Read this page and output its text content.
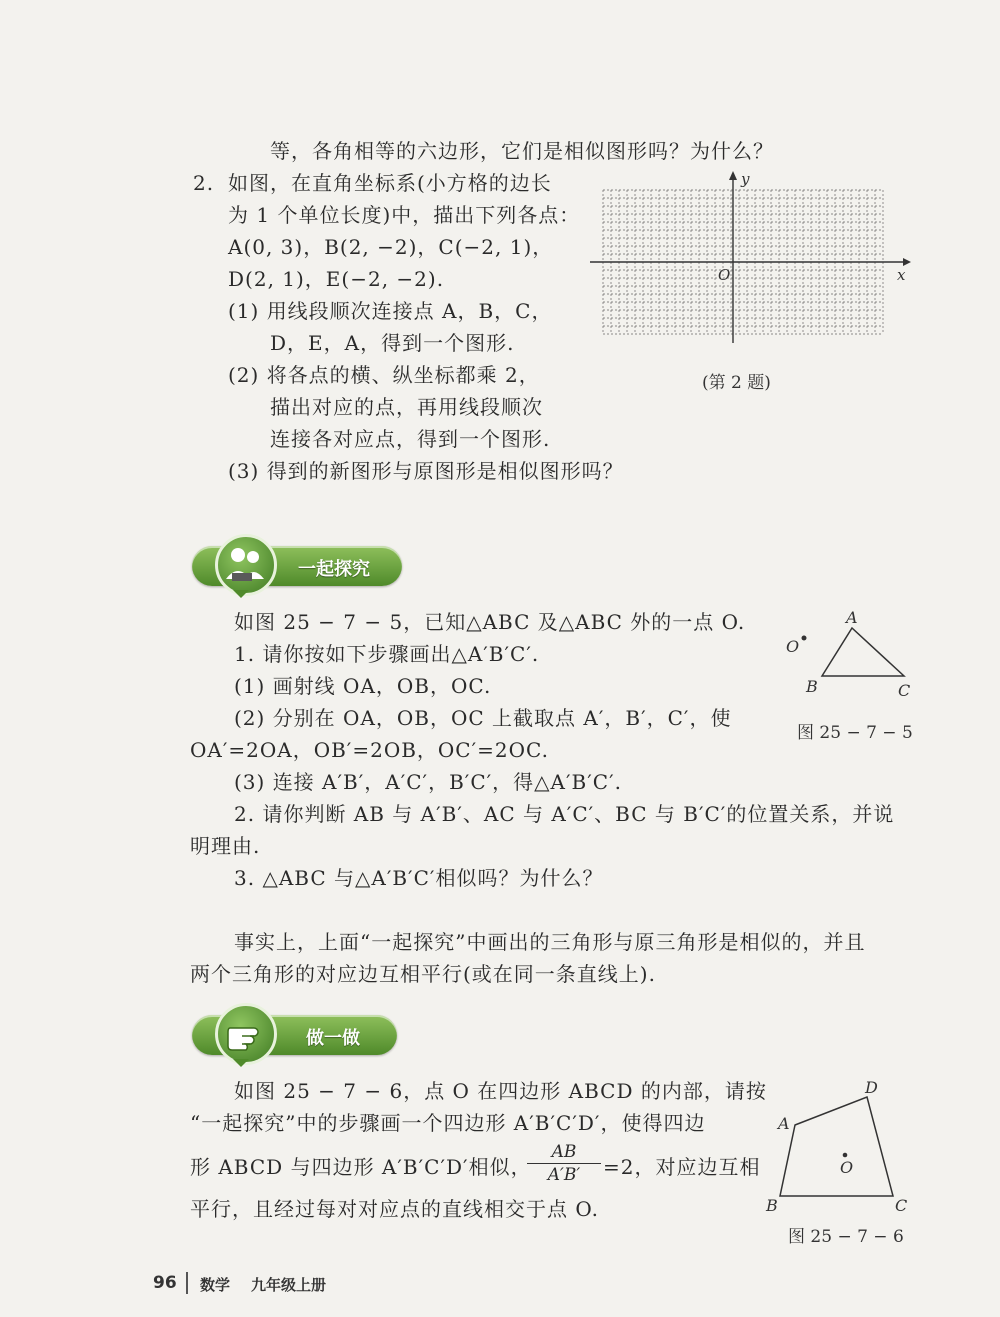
等，各角相等的六边形，它们是相似图形吗？为什么？
2. 如图，在直角坐标系(小方格的边长
为 1 个单位长度)中，描出下列各点：
A(0, 3)，B(2, −2)，C(−2, 1)，
D(2, 1)，E(−2, −2).
(1) 用线段顺次连接点 A，B，C，
D，E，A，得到一个图形.
(2) 将各点的横、纵坐标都乘 2，
描出对应的点，再用线段顺次
连接各对应点，得到一个图形.
(3) 得到的新图形与原图形是相似图形吗？
x
y
O
(第 2 题)
一起探究
如图 25 − 7 − 5，已知△ABC 及△ABC 外的一点 O.
1. 请你按如下步骤画出△A′B′C′.
(1) 画射线 OA，OB，OC.
(2) 分别在 OA，OB，OC 上截取点 A′，B′，C′，使
OA′=2OA，OB′=2OB，OC′=2OC.
(3) 连接 A′B′，A′C′，B′C′，得△A′B′C′.
2. 请你判断 AB 与 A′B′、AC 与 A′C′、BC 与 B′C′的位置关系，并说
明理由.
3. △ABC 与△A′B′C′相似吗？为什么？
A
B	C
O
图 25 − 7 − 5
事实上，上面“一起探究”中画出的三角形与原三角形是相似的，并且
两个三角形的对应边互相平行(或在同一条直线上).
做一做
如图 25 − 7 − 6，点 O 在四边形 ABCD 的内部，请按
“一起探究”中的步骤画一个四边形 A′B′C′D′，使得四边
形 ABCD 与四边形 A′B′C′D′相似，
$\frac{AB}{A'B'} =2$，对应边互相
平行，且经过每对对应点的直线相交于点 O.
A
D
B	C
O
图 25 − 7 − 6
96 数学 九年级上册
